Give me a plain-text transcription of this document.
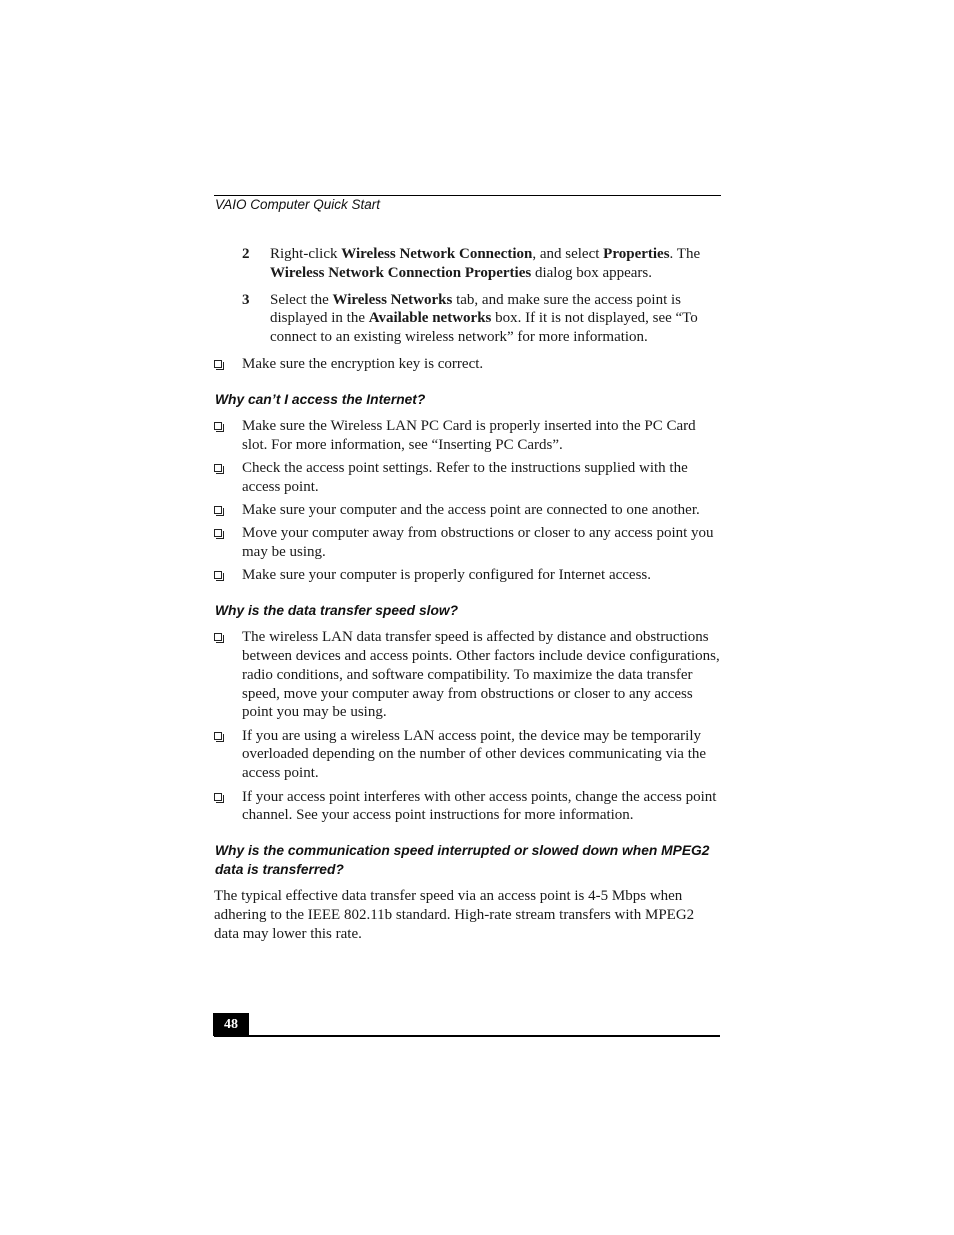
VAIO Computer Quick Start
2 Right-click Wireless Network Connection, and select Properties. The Wireless Network Connection Properties dialog box appears.
3 Select the Wireless Networks tab, and make sure the access point is displayed in the Available networks box. If it is not displayed, see “To connect to an existing wireless network” for more information.
Make sure the encryption key is correct.
Why can’t I access the Internet?
Make sure the Wireless LAN PC Card is properly inserted into the PC Card slot. For more information, see “Inserting PC Cards”.
Check the access point settings. Refer to the instructions supplied with the access point.
Make sure your computer and the access point are connected to one another.
Move your computer away from obstructions or closer to any access point you may be using.
Make sure your computer is properly configured for Internet access.
Why is the data transfer speed slow?
The wireless LAN data transfer speed is affected by distance and obstructions between devices and access points. Other factors include device configurations, radio conditions, and software compatibility. To maximize the data transfer speed, move your computer away from obstructions or closer to any access point you may be using.
If you are using a wireless LAN access point, the device may be temporarily overloaded depending on the number of other devices communicating via the access point.
If your access point interferes with other access points, change the access point channel. See your access point instructions for more information.
Why is the communication speed interrupted or slowed down when MPEG2 data is transferred?

The typical effective data transfer speed via an access point is 4-5 Mbps when adhering to the IEEE 802.11b standard. High-rate stream transfers with MPEG2 data may lower this rate.

48
